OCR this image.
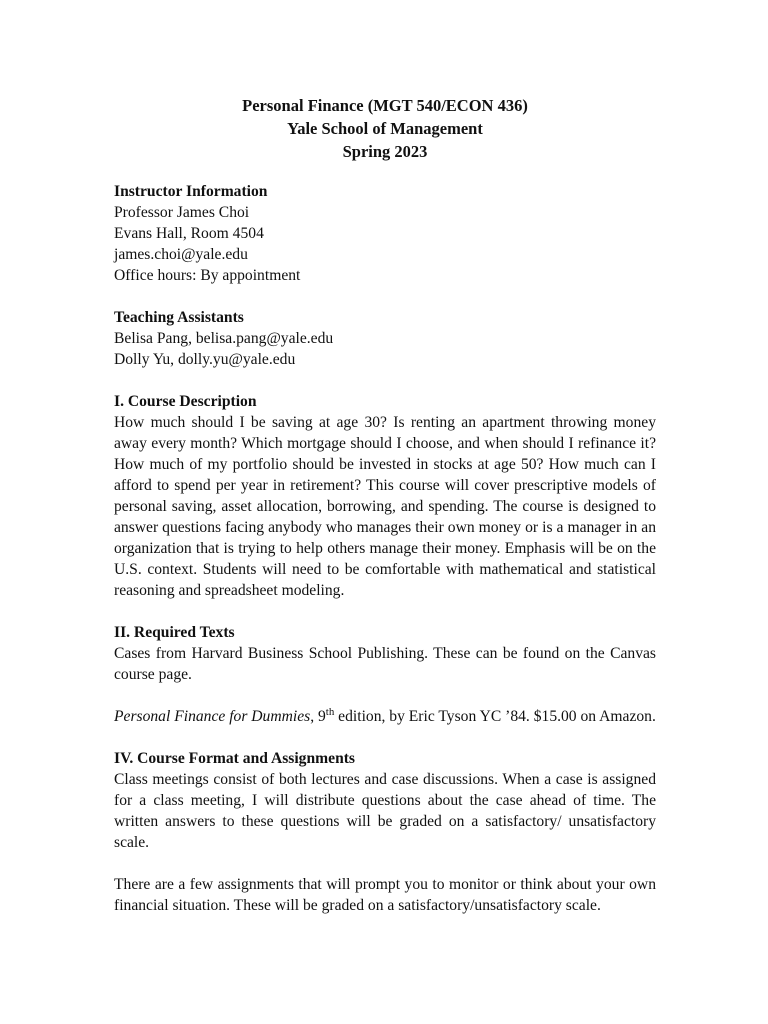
Personal Finance (MGT 540/ECON 436)
Yale School of Management
Spring 2023
Instructor Information
Professor James Choi
Evans Hall, Room 4504
james.choi@yale.edu
Office hours: By appointment
Teaching Assistants
Belisa Pang, belisa.pang@yale.edu
Dolly Yu, dolly.yu@yale.edu
I. Course Description
How much should I be saving at age 30? Is renting an apartment throwing money away every month? Which mortgage should I choose, and when should I refinance it? How much of my portfolio should be invested in stocks at age 50? How much can I afford to spend per year in retirement? This course will cover prescriptive models of personal saving, asset allocation, borrowing, and spending. The course is designed to answer questions facing anybody who manages their own money or is a manager in an organization that is trying to help others manage their money. Emphasis will be on the U.S. context. Students will need to be comfortable with mathematical and statistical reasoning and spreadsheet modeling.
II. Required Texts
Cases from Harvard Business School Publishing. These can be found on the Canvas course page.
Personal Finance for Dummies, 9th edition, by Eric Tyson YC ’84. $15.00 on Amazon.
IV. Course Format and Assignments
Class meetings consist of both lectures and case discussions. When a case is assigned for a class meeting, I will distribute questions about the case ahead of time. The written answers to these questions will be graded on a satisfactory/ unsatisfactory scale.
There are a few assignments that will prompt you to monitor or think about your own financial situation. These will be graded on a satisfactory/unsatisfactory scale.
